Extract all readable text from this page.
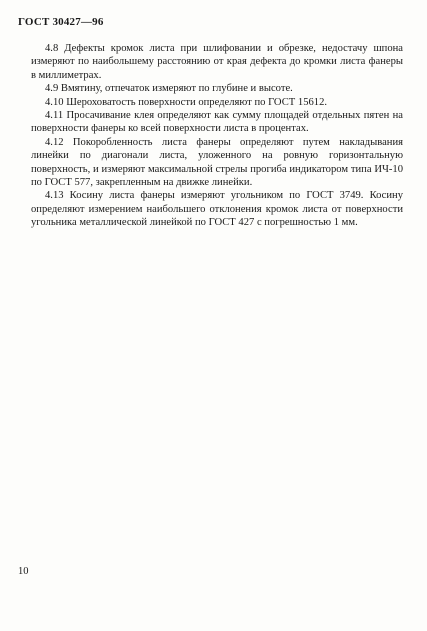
ГОСТ 30427—96

4.8 Дефекты кромок листа при шлифовании и обрезке, недостачу шпона измеряют по наибольшему расстоянию от края дефекта до кромки листа фанеры в миллиметрах.

4.9 Вмятину, отпечаток измеряют по глубине и высоте.

4.10 Шероховатость поверхности определяют по ГОСТ 15612.

4.11 Просачивание клея определяют как сумму площадей отдельных пятен на поверхности фанеры ко всей поверхности листа в процентах.

4.12 Покоробленность листа фанеры определяют путем накладывания линейки по диагонали листа, уложенного на ровную горизонтальную поверхность, и измеряют максимальной стрелы прогиба индикатором типа ИЧ-10 по ГОСТ 577, закрепленным на движке линейки.

4.13 Косину листа фанеры измеряют угольником по ГОСТ 3749. Косину определяют измерением наибольшего отклонения кромок листа от поверхности угольника металлической линейкой по ГОСТ 427 с погрешностью 1 мм.

10
